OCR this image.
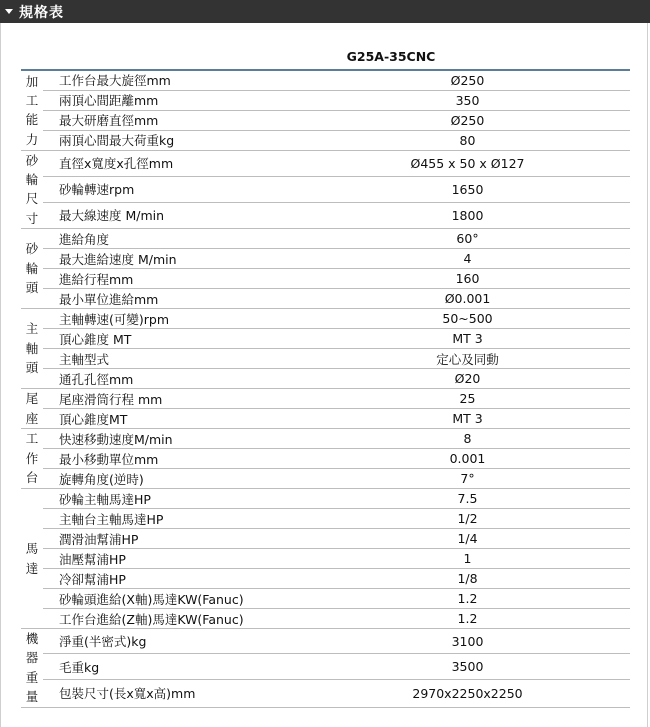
規格表
G25A-35CNC		

加
工
能
力	工作台最大旋徑mm	Ø250
	兩頂心間距離mm	350
	最大研磨直徑mm	Ø250
	兩頂心間最大荷重kg	80

砂
輪
尺
寸	直徑x寬度x孔徑mm	Ø455 x 50 x Ø127
	砂輪轉速rpm	1650
	最大線速度 M/min	1800

砂
輪
頭	進給角度	60°
	最大進給速度 M/min	4
	進給行程mm	160
	最小單位進給mm	Ø0.001

主
軸
頭	主軸轉速(可變)rpm	50~500
	頂心錐度 MT	MT 3
	主軸型式	定心及同動
	通孔孔徑mm	Ø20

尾
座	尾座滑筒行程 mm	25
	頂心錐度MT	MT 3

工
作
台	快速移動速度M/min	8
	最小移動單位mm	0.001
	旋轉角度(逆時)	7°

馬
達	砂輪主軸馬達HP	7.5
	主軸台主軸馬達HP	1/2
	潤滑油幫浦HP	1/4
	油壓幫浦HP	1
	冷卻幫浦HP	1/8
	砂輪頭進給(X軸)馬達KW(Fanuc)	1.2
	工作台進給(Z軸)馬達KW(Fanuc)	1.2

機
器
重
量	淨重(半密式)kg	3100
	毛重kg	3500
	包裝尺寸(長x寬x高)mm	2970x2250x2250
